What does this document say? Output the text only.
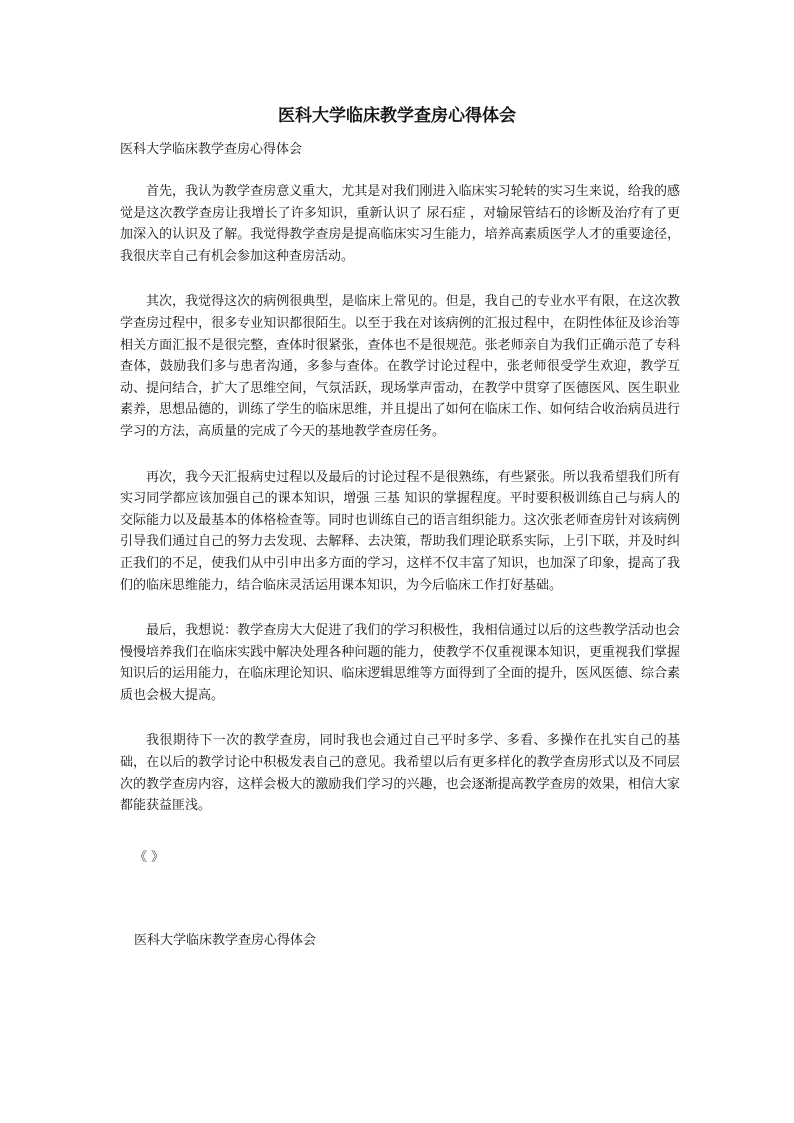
医科大学临床教学查房心得体会
医科大学临床教学查房心得体会

首先，我认为教学查房意义重大，尤其是对我们刚进入临床实习轮转的实习生来说，给我的感觉是这次教学查房让我增长了许多知识，重新认识了 尿石症 ，对输尿管结石的诊断及治疗有了更加深入的认识及了解。我觉得教学查房是提高临床实习生能力，培养高素质医学人才的重要途径，我很庆幸自己有机会参加这种查房活动。

其次，我觉得这次的病例很典型，是临床上常见的。但是，我自己的专业水平有限，在这次教学查房过程中，很多专业知识都很陌生。以至于我在对该病例的汇报过程中，在阴性体征及诊治等相关方面汇报不是很完整，查体时很紧张，查体也不是很规范。张老师亲自为我们正确示范了专科查体，鼓励我们多与患者沟通，多参与查体。在教学讨论过程中，张老师很受学生欢迎，教学互动、提问结合，扩大了思维空间，气氛活跃，现场掌声雷动，在教学中贯穿了医德医风、医生职业素养，思想品德的，训练了学生的临床思维，并且提出了如何在临床工作、如何结合收治病员进行学习的方法，高质量的完成了今天的基地教学查房任务。

再次，我今天汇报病史过程以及最后的讨论过程不是很熟练，有些紧张。所以我希望我们所有实习同学都应该加强自己的课本知识，增强 三基 知识的掌握程度。平时要积极训练自己与病人的交际能力以及最基本的体格检查等。同时也训练自己的语言组织能力。这次张老师查房针对该病例引导我们通过自己的努力去发现、去解释、去决策，帮助我们理论联系实际，上引下联，并及时纠正我们的不足，使我们从中引申出多方面的学习，这样不仅丰富了知识，也加深了印象，提高了我们的临床思维能力，结合临床灵活运用课本知识，为今后临床工作打好基础。

最后，我想说：教学查房大大促进了我们的学习积极性，我相信通过以后的这些教学活动也会慢慢培养我们在临床实践中解决处理各种问题的能力，使教学不仅重视课本知识，更重视我们掌握知识后的运用能力，在临床理论知识、临床逻辑思维等方面得到了全面的提升，医风医德、综合素质也会极大提高。

我很期待下一次的教学查房，同时我也会通过自己平时多学、多看、多操作在扎实自己的基础，在以后的教学讨论中积极发表自己的意见。我希望以后有更多样化的教学查房形式以及不同层次的教学查房内容，这样会极大的激励我们学习的兴趣，也会逐渐提高教学查房的效果，相信大家都能获益匪浅。

《 》
医科大学临床教学查房心得体会
